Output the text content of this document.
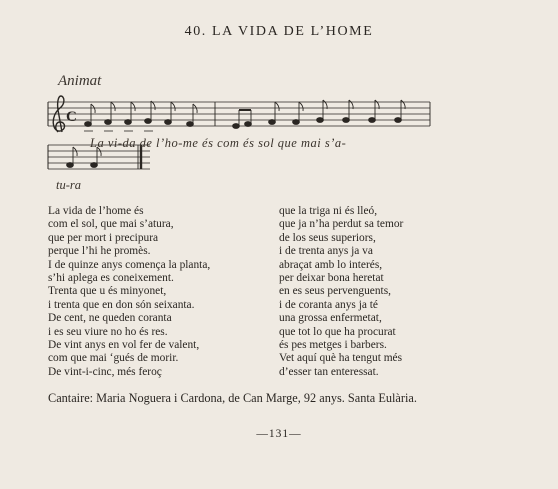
40. LA VIDA DE L’HOME
C
Animat
La vi-da de l’ho-me és com és sol que mai s’a-
tu-ra
La vida de l’home és
com el sol, que mai s’atura,
que per mort i precipura
perque l’hi he promès.
I de quinze anys comença la planta,
s’hi aplega es coneixement.
Trenta que u és minyonet,
i trenta que en don són seixanta.
De cent, ne queden coranta
i es seu viure no ho és res.
De vint anys en vol fer de valent,
com que mai ‘gués de morir.
De vint-i-cinc, més feroç
que la triga ni és lleó,
que ja n’ha perdut sa temor
de los seus superiors,
i de trenta anys ja va
abraçat amb lo interés,
per deixar bona heretat
en es seus pervenguents,
i de coranta anys ja té
una grossa enfermetat,
que tot lo que ha procurat
és pes metges i barbers.
Vet aquí què ha tengut més
d’esser tan enteressat.
Cantaire: Maria Noguera i Cardona, de Can Marge, 92 anys. Santa Eulària.
—131—
